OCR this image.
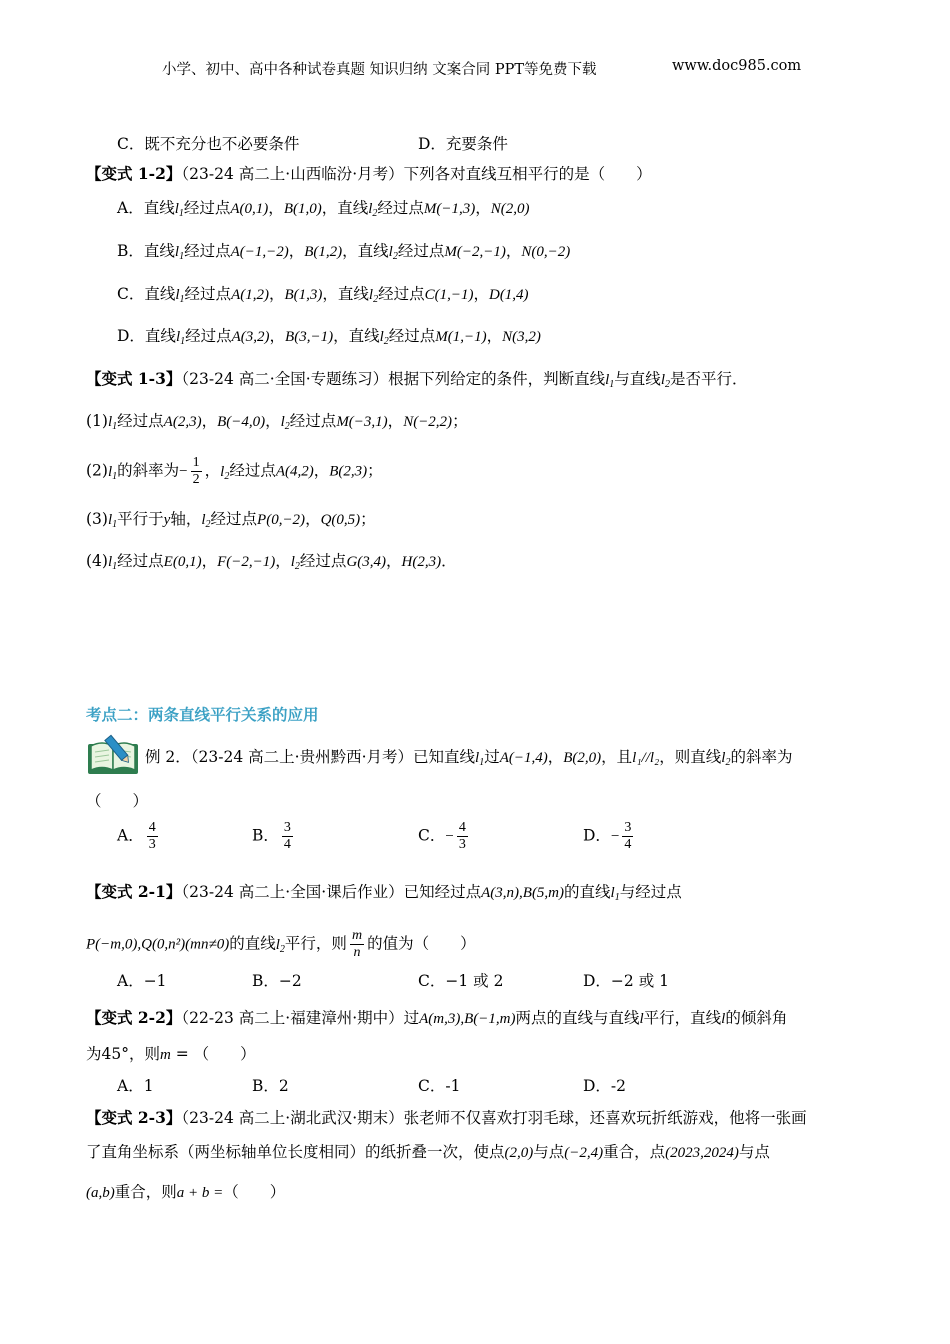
小学、初中、高中各种试卷真题 知识归纳 文案合同 PPT等免费下载	www.doc985.com
C．既不充分也不必要条件	D．充要条件
【变式 1-2】（23-24 高二上·山西临汾·月考）下列各对直线互相平行的是（　　）
A．直线$l_1$经过点A(0,1)，B(1,0)，直线$l_2$经过点M(−1,3)，N(2,0)
B．直线$l_1$经过点A(−1,−2)，B(1,2)，直线$l_2$经过点M(−2,−1)，N(0,−2)
C．直线$l_1$经过点A(1,2)，B(1,3)，直线$l_2$经过点C(1,−1)，D(1,4)
D．直线$l_1$经过点A(3,2)，B(3,−1)，直线$l_2$经过点M(1,−1)，N(3,2)
【变式 1-3】（23-24 高二·全国·专题练习）根据下列给定的条件，判断直线$l_1$与直线$l_2$是否平行．
$(1)l_1$经过点A(2,3)，B(−4,0)，$l_2$经过点M(−3,1)，N(−2,2)；
$(2)l_1$的斜率为− $\frac{1}{2}$ ，$l_2$经过点A(4,2)，B(2,3)；
$(3)l_1$平行于y轴，$l_2$经过点P(0,−2)，Q(0,5)；
$(4)l_1$经过点E(0,1)，F(−2,−1)，$l_2$经过点G(3,4)，H(2,3)．
考点二：两条直线平行关系的应用
例 2．（23-24 高二上·贵州黔西·月考）已知直线$l_1$过A(−1,4)，B(2,0)，且l₁//l₂，则直线$l_2$的斜率为
（　　）
A． $\frac{4}{3}$	B． $\frac{3}{4}$	C．− $\frac{4}{3}$	D．− $\frac{3}{4}$
【变式 2-1】（23-24 高二上·全国·课后作业）已知经过点A(3,n),B(5,m)的直线$l_1$与经过点
P(−m,0),Q(0,n²)(mn≠0)的直线$l_2$平行，则 $\frac{m}{n}$ 的值为（　　）
A．−1	B．−2	C．−1 或 2	D．−2 或 1
【变式 2-2】（22-23 高二上·福建漳州·期中）过A(m,3),B(−1,m)两点的直线与直线l平行，直线l的倾斜角
为45°，则m = （　　）
A．1	B．2	C．-1	D．-2
【变式 2-3】（23-24 高二上·湖北武汉·期末）张老师不仅喜欢打羽毛球，还喜欢玩折纸游戏，他将一张画
了直角坐标系（两坐标轴单位长度相同）的纸折叠一次，使点(2,0)与点(−2,4)重合，点(2023,2024)与点
(a,b)重合，则a + b =（　　）
